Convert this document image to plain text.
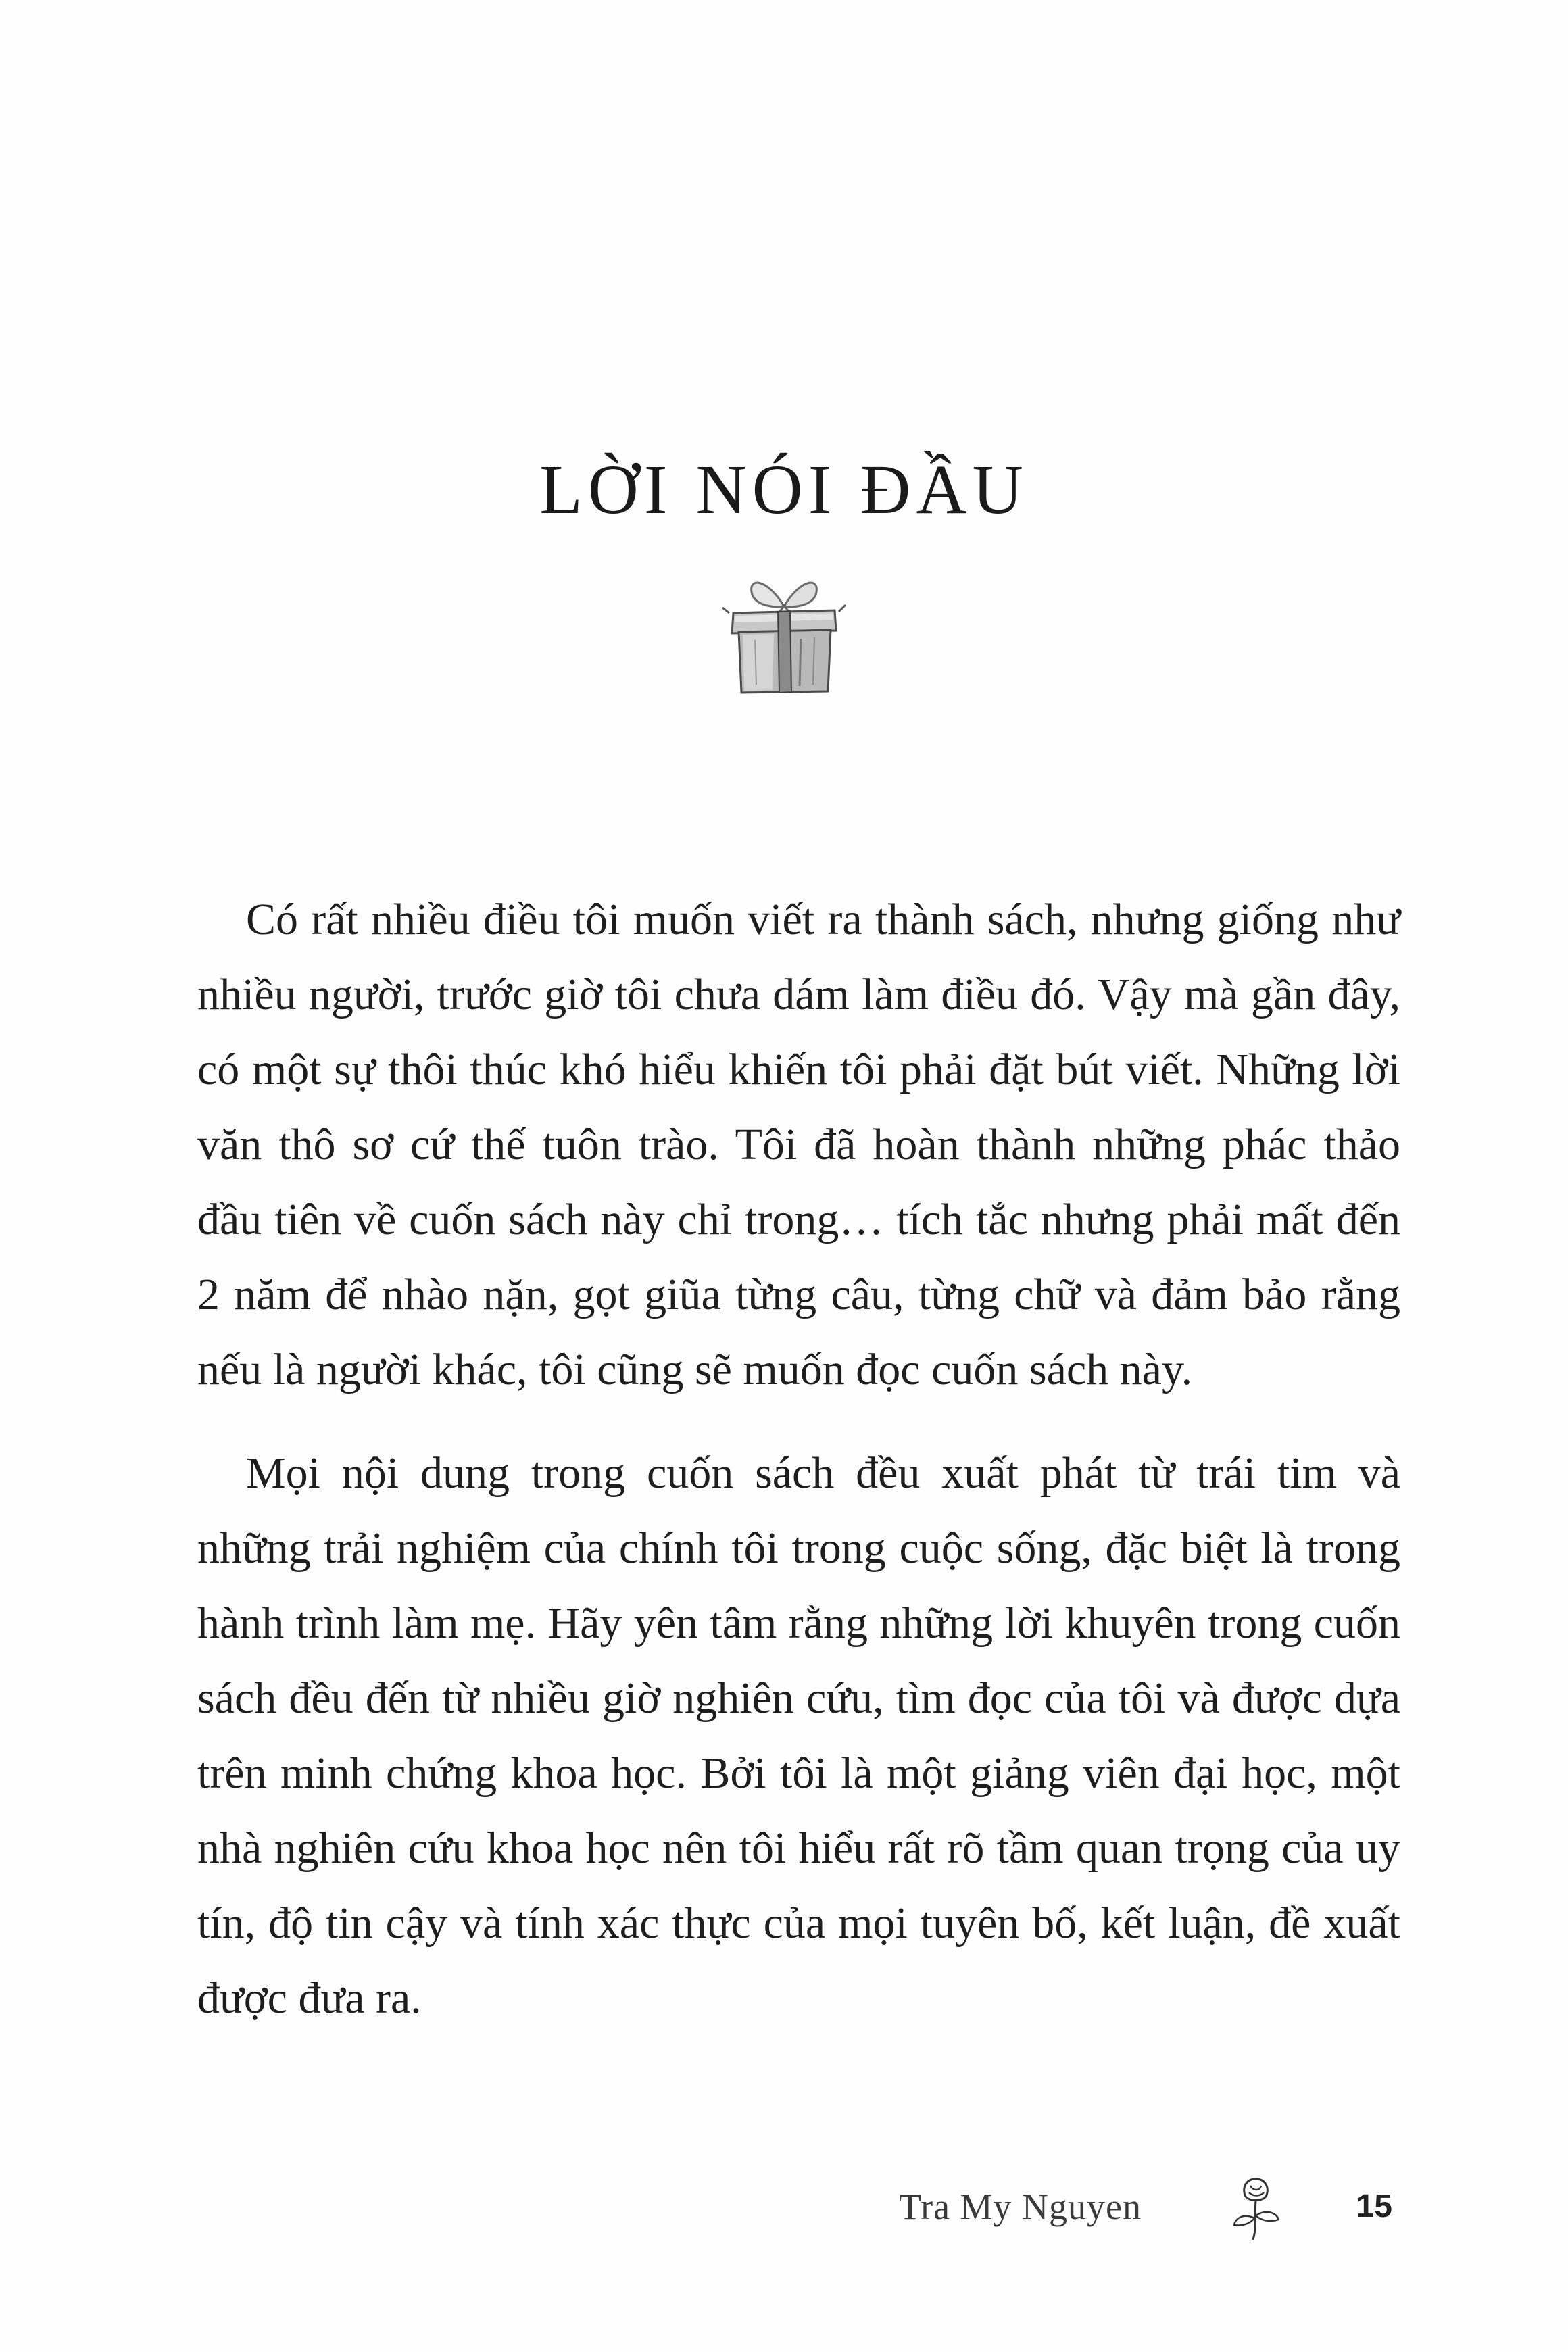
LỜI NÓI ĐẦU

Có rất nhiều điều tôi muốn viết ra thành sách, nhưng giống như nhiều người, trước giờ tôi chưa dám làm điều đó. Vậy mà gần đây, có một sự thôi thúc khó hiểu khiến tôi phải đặt bút viết. Những lời văn thô sơ cứ thế tuôn trào. Tôi đã hoàn thành những phác thảo đầu tiên về cuốn sách này chỉ trong… tích tắc nhưng phải mất đến 2 năm để nhào nặn, gọt giũa từng câu, từng chữ và đảm bảo rằng nếu là người khác, tôi cũng sẽ muốn đọc cuốn sách này.

Mọi nội dung trong cuốn sách đều xuất phát từ trái tim và những trải nghiệm của chính tôi trong cuộc sống, đặc biệt là trong hành trình làm mẹ. Hãy yên tâm rằng những lời khuyên trong cuốn sách đều đến từ nhiều giờ nghiên cứu, tìm đọc của tôi và được dựa trên minh chứng khoa học. Bởi tôi là một giảng viên đại học, một nhà nghiên cứu khoa học nên tôi hiểu rất rõ tầm quan trọng của uy tín, độ tin cậy và tính xác thực của mọi tuyên bố, kết luận, đề xuất được đưa ra.

Tra My Nguyen	15
